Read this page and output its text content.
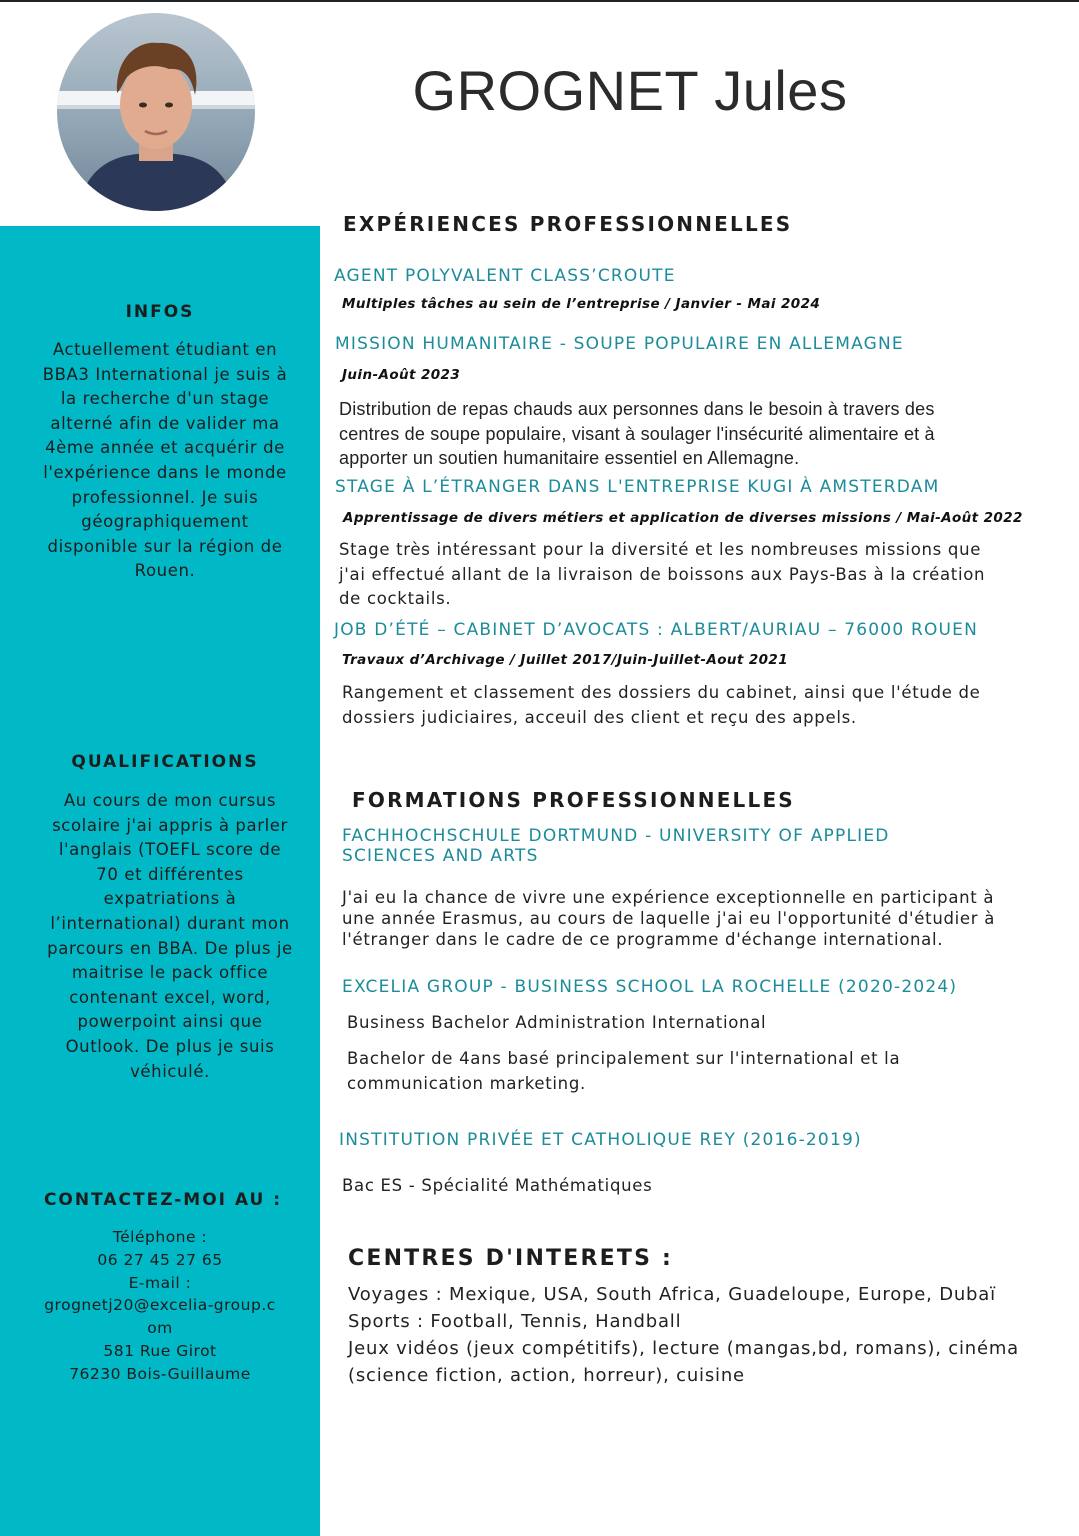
INFOS

Actuellement étudiant en BBA3 International je suis à la recherche d'un stage alterné afin de valider ma 4ème année et acquérir de l'expérience dans le monde professionnel. Je suis géographiquement disponible sur la région de Rouen.

QUALIFICATIONS

Au cours de mon cursus scolaire j'ai appris à parler l'anglais (TOEFL score de 70 et différentes expatriations à l’international) durant mon parcours en BBA. De plus je maitrise le pack office contenant excel, word, powerpoint ainsi que Outlook. De plus je suis véhiculé.

CONTACTEZ-MOI AU :
Téléphone :
06 27 45 27 65
E-mail :
grognetj20@excelia-group.com
581 Rue Girot
76230 Bois-Guillaume
GROGNET Jules
EXPÉRIENCES PROFESSIONNELLES

AGENT POLYVALENT CLASS’CROUTE

Multiples tâches au sein de l’entreprise / Janvier - Mai 2024

MISSION HUMANITAIRE - SOUPE POPULAIRE EN ALLEMAGNE

Juin-Août 2023

Distribution de repas chauds aux personnes dans le besoin à travers des centres de soupe populaire, visant à soulager l'insécurité alimentaire et à apporter un soutien humanitaire essentiel en Allemagne.

STAGE À L’ÉTRANGER DANS L'ENTREPRISE KUGI À AMSTERDAM

Apprentissage de divers métiers et application de diverses missions / Mai-Août 2022

Stage très intéressant pour la diversité et les nombreuses missions que j'ai effectué allant de la livraison de boissons aux Pays-Bas à la création de cocktails.

JOB D’ÉTÉ – CABINET D’AVOCATS : ALBERT/AURIAU – 76000 ROUEN

Travaux d’Archivage / Juillet 2017/Juin-Juillet-Aout 2021

Rangement et classement des dossiers du cabinet, ainsi que l'étude de dossiers judiciaires, acceuil des client et reçu des appels.

FORMATIONS PROFESSIONNELLES

FACHHOCHSCHULE DORTMUND - UNIVERSITY OF APPLIED

SCIENCES AND ARTS

J'ai eu la chance de vivre une expérience exceptionnelle en participant à une année Erasmus, au cours de laquelle j'ai eu l'opportunité d'étudier à l'étranger dans le cadre de ce programme d'échange international.

EXCELIA GROUP - BUSINESS SCHOOL LA ROCHELLE (2020-2024)

Business Bachelor Administration International

Bachelor de 4ans basé principalement sur l'international et la communication marketing.

INSTITUTION PRIVÉE ET CATHOLIQUE REY (2016-2019)

Bac ES - Spécialité Mathématiques

CENTRES D'INTERETS :

Voyages : Mexique, USA, South Africa, Guadeloupe, Europe, Dubaï

Sports : Football, Tennis, Handball

Jeux vidéos (jeux compétitifs), lecture (mangas,bd, romans), cinéma

(science fiction, action, horreur), cuisine
